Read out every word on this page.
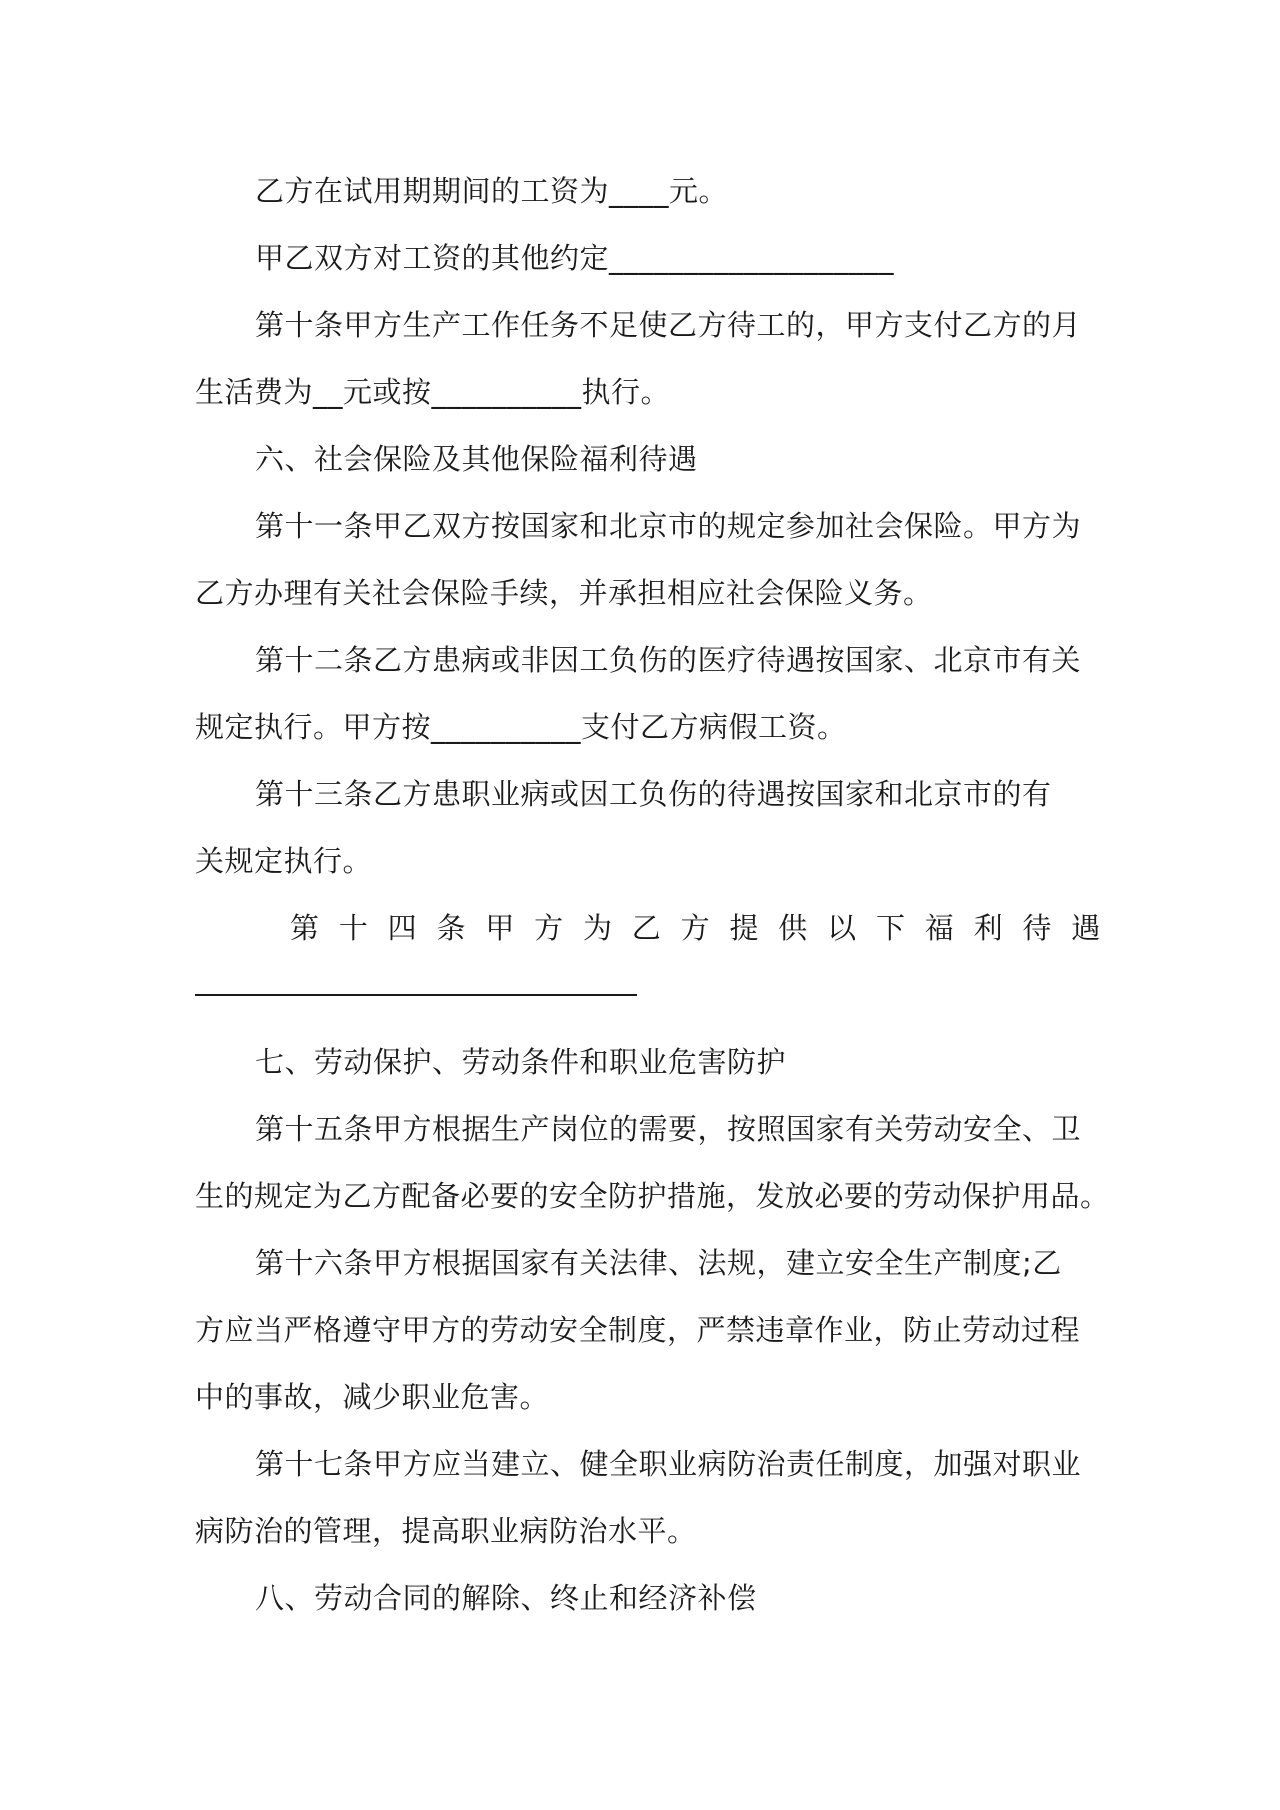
乙方在试用期期间的工资为____元。
甲乙双方对工资的其他约定___________________
第十条甲方生产工作任务不足使乙方待工的，甲方支付乙方的月
生活费为__元或按__________执行。
六、社会保险及其他保险福利待遇
第十一条甲乙双方按国家和北京市的规定参加社会保险。甲方为
乙方办理有关社会保险手续，并承担相应社会保险义务。
第十二条乙方患病或非因工负伤的医疗待遇按国家、北京市有关
规定执行。甲方按__________支付乙方病假工资。
第十三条乙方患职业病或因工负伤的待遇按国家和北京市的有
关规定执行。
第 十 四 条 甲 方 为 乙 方 提 供 以 下 福 利 待 遇
七、劳动保护、劳动条件和职业危害防护
第十五条甲方根据生产岗位的需要，按照国家有关劳动安全、卫
生的规定为乙方配备必要的安全防护措施，发放必要的劳动保护用品。
第十六条甲方根据国家有关法律、法规，建立安全生产制度;乙
方应当严格遵守甲方的劳动安全制度，严禁违章作业，防止劳动过程
中的事故，减少职业危害。
第十七条甲方应当建立、健全职业病防治责任制度，加强对职业
病防治的管理，提高职业病防治水平。
八、劳动合同的解除、终止和经济补偿
